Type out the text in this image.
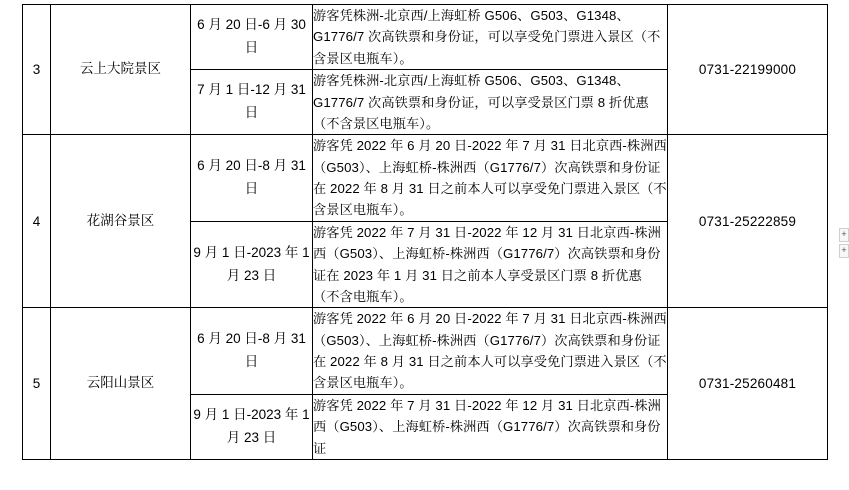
3	云上大院景区	6 月 20 日-6 月 30 日	游客凭株洲-北京西/上海虹桥 G506、G503、G1348、G1776/7 次高铁票和身份证，可以享受免门票进入景区（不含景区电瓶车）。	0731-22199000
		7 月 1 日-12 月 31 日	游客凭株洲-北京西/上海虹桥 G506、G503、G1348、G1776/7 次高铁票和身份证，可以享受景区门票 8 折优惠（不含景区电瓶车）。	
4	花湖谷景区	6 月 20 日-8 月 31 日	游客凭 2022 年 6 月 20 日-2022 年 7 月 31 日北京西-株洲西（G503）、上海虹桥-株洲西（G1776/7）次高铁票和身份证在 2022 年 8 月 31 日之前本人可以享受免门票进入景区（不含景区电瓶车）。	0731-25222859
		9 月 1 日-2023 年 1 月 23 日	游客凭 2022 年 7 月 31 日-2022 年 12 月 31 日北京西-株洲西（G503）、上海虹桥-株洲西（G1776/7）次高铁票和身份证在 2023 年 1 月 31 日之前本人享受景区门票 8 折优惠（不含电瓶车）。	
5	云阳山景区	6 月 20 日-8 月 31 日	游客凭 2022 年 6 月 20 日-2022 年 7 月 31 日北京西-株洲西（G503）、上海虹桥-株洲西（G1776/7）次高铁票和身份证在 2022 年 8 月 31 日之前本人可以享受免门票进入景区（不含景区电瓶车）。	0731-25260481
		9 月 1 日-2023 年 1 月 23 日	游客凭 2022 年 7 月 31 日-2022 年 12 月 31 日北京西-株洲西（G503）、上海虹桥-株洲西（G1776/7）次高铁票和身份证	
+
+
